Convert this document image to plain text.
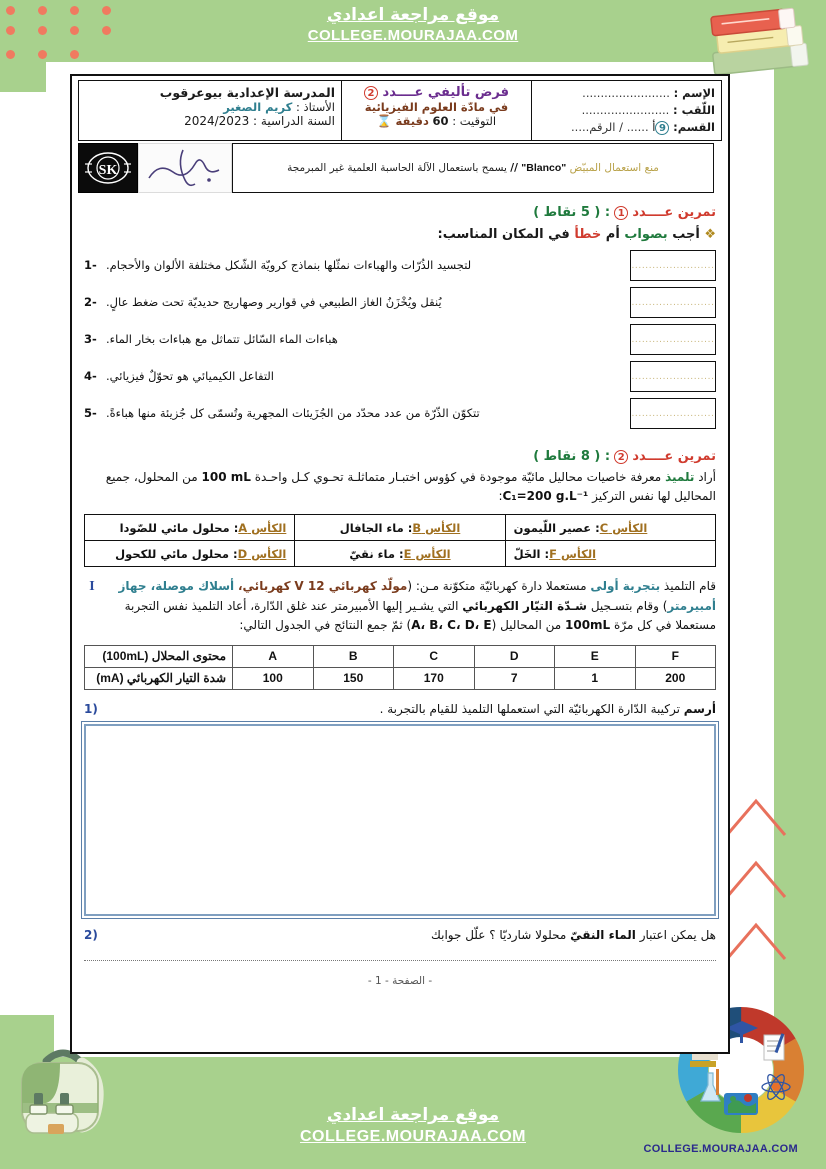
COLLEGE.MOURAJAA.COM
موقع مراجعة اعدادي
COLLEGE.MOURAJAA.COM
موقع مراجعة اعدادي
COLLEGE.MOURAJAA.COM
الإسم : ........................
اللّقب : ........................
القسم: 9أ ...... / الرقم.....

فرض تأليفي عــــدد 2
في مادّة العلوم الفيزيائية
التوقيت : 60 دقيقة ⌛

المدرسة الإعدادية بيوعرقوب
الأستاذ : كريم الصغير
السنة الدراسية : 2024/2023
منع استعمال المبيّض "Blanco" // يسمح باستعمال الآلة الحاسبة العلمية غير المبرمجة
SK
تمرين عــــدد 1 : ( 5 نقاط )
❖ أجب بصواب أم خطأ في المكان المناسب:
........................
........................
........................
........................
........................
1- لتجسيد الذُرّات والهباءات نمثّلها بنماذج كرويّة الشّكل مختلفة الألوان والأحجام.
2- يُنقل ويُخْزَنُ الغاز الطبيعي في قوارير وصهاريج حديديّة تحت ضغط عالٍ.
3- هباءات الماء السّائل تتماثل مع هباءات بخار الماء.
4- التفاعل الكيميائي هو تحوّلٌ فيزيائي.
5- تتكوّن الذّرّة من عدد محدّد من الجُزَيئات المجهرية وتُسمّى كل جُزيئة منها هباءةً.
تمرين عــــدد 2 : ( 8 نقاط )
أراد تلميذ معرفة خاصيات محاليل مائيّة موجودة في كؤوس اختبـار متماثلـة تحـوي كـل واحـدة 100 mL من المحلول، جميع المحاليل لها نفس التركيز C₁=200 g.L⁻¹:
الكأس C: عصير اللّيمون	الكأس B: ماء الجافال	الكأس A: محلول مائي للصّودا
الكأس F: الخَلّ	الكأس E: ماء نقيّ	الكأس D: محلول مائي للكحول
I	قام التلميذ بتجربة أولى مستعملا دارة كهربائيّة متكوّنة مـن: (مولّد كهربائي 12 V كهربائي، أسلاك موصلة، جهاز أمبيرمتر) وقام بتسـجيل شـدّة التيّار الكهربائي التي يشـير إليها الأمبيرمتر عند غلق الدّارة، أعاد التلميذ نفس التجربة مستعملا في كل مرّة 100mL من المحاليل (A، B، C، D، E) ثمّ جمع النتائج في الجدول التالي:
F	E	D	C	B	A	محتوى المحلال (100mL)
200	1	7	170	150	100	شدة التيار الكهربائي (mA)
1)	أرسم تركيبة الدّارة الكهربائيّة التي استعملها التلميذ للقيام بالتجربة .
2)	هل يمكن اعتبار الماء النقيّ محلولا شارديّا ؟ علّل جوابك
- الصفحة - 1 -
